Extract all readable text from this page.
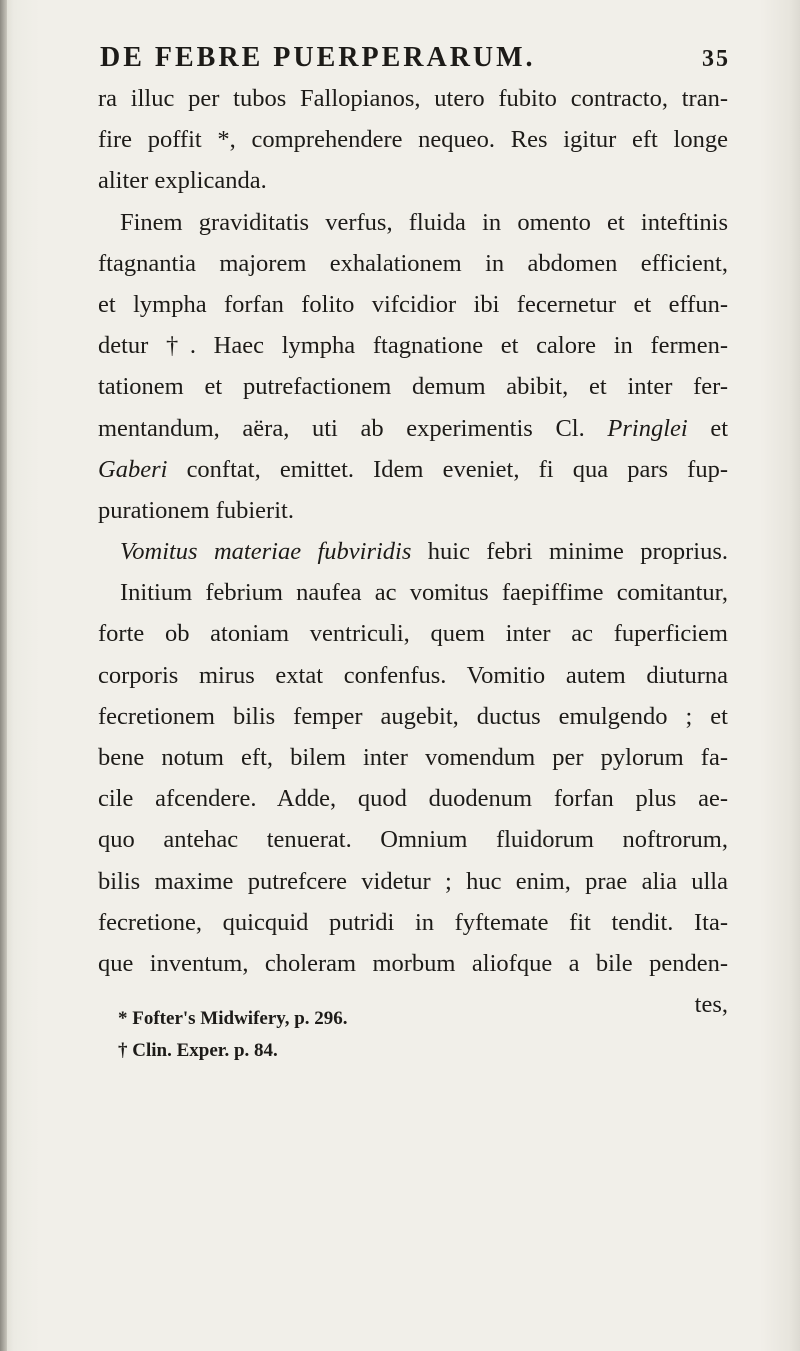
DE FEBRE PUERPERARUM.	35
ra illuc per tubos Fallopianos, utero fubito contracto, tran-
fire poffit *, comprehendere nequeo. Res igitur eft longe
aliter explicanda.
Finem graviditatis verfus, fluida in omento et inteftinis
ftagnantia majorem exhalationem in abdomen efficient,
et lympha forfan folito vifcidior ibi fecernetur et effun-
detur †. Haec lympha ftagnatione et calore in fermen-
tationem et putrefactionem demum abibit, et inter fer-
mentandum, aëra, uti ab experimentis Cl. Pringlei et
Gaberi conftat, emittet. Idem eveniet, fi qua pars fup-
purationem fubierit.
Vomitus materiae fubviridis huic febri minime proprius.
Initium febrium naufea ac vomitus faepiffime comitantur,
forte ob atoniam ventriculi, quem inter ac fuperficiem
corporis mirus extat confenfus. Vomitio autem diuturna
fecretionem bilis femper augebit, ductus emulgendo ; et
bene notum eft, bilem inter vomendum per pylorum fa-
cile afcendere. Adde, quod duodenum forfan plus ae-
quo antehac tenuerat. Omnium fluidorum noftrorum,
bilis maxime putrefcere videtur ; huc enim, prae alia ulla
fecretione, quicquid putridi in fyftemate fit tendit. Ita-
que inventum, choleram morbum aliofque a bile penden-
tes,
* Fofter's Midwifery, p. 296.
† Clin. Exper. p. 84.
